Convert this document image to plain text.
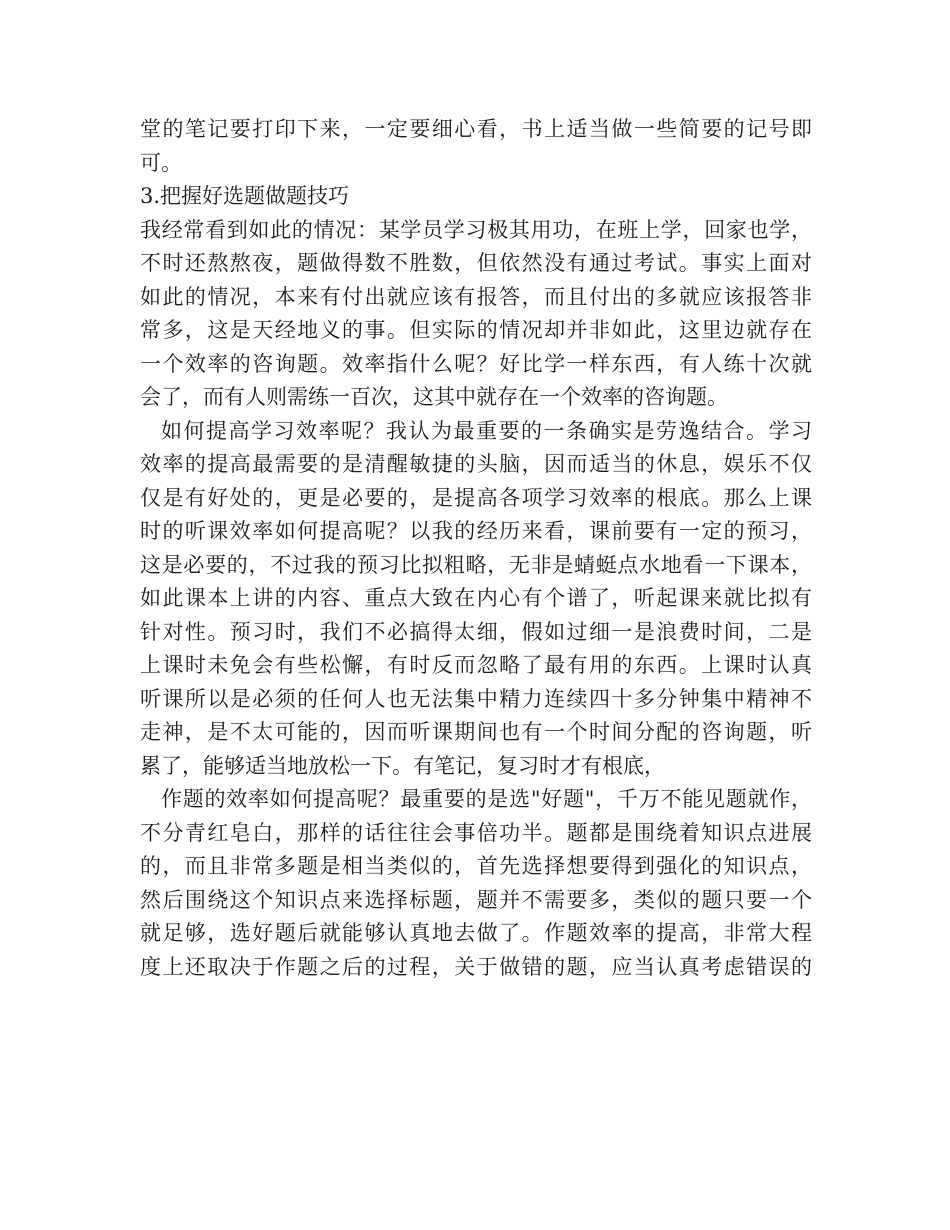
堂的笔记要打印下来，一定要细心看，书上适当做一些简要的记号即
可。
3.把握好选题做题技巧
我经常看到如此的情况：某学员学习极其用功，在班上学，回家也学，
不时还熬熬夜，题做得数不胜数，但依然没有通过考试。事实上面对
如此的情况，本来有付出就应该有报答，而且付出的多就应该报答非
常多，这是天经地义的事。但实际的情况却并非如此，这里边就存在
一个效率的咨询题。效率指什么呢？好比学一样东西，有人练十次就
会了，而有人则需练一百次，这其中就存在一个效率的咨询题。
如何提高学习效率呢？我认为最重要的一条确实是劳逸结合。学习
效率的提高最需要的是清醒敏捷的头脑，因而适当的休息，娱乐不仅
仅是有好处的，更是必要的，是提高各项学习效率的根底。那么上课
时的听课效率如何提高呢？以我的经历来看，课前要有一定的预习，
这是必要的，不过我的预习比拟粗略，无非是蜻蜓点水地看一下课本，
如此课本上讲的内容、重点大致在内心有个谱了，听起课来就比拟有
针对性。预习时，我们不必搞得太细，假如过细一是浪费时间，二是
上课时未免会有些松懈，有时反而忽略了最有用的东西。上课时认真
听课所以是必须的任何人也无法集中精力连续四十多分钟集中精神不
走神，是不太可能的，因而听课期间也有一个时间分配的咨询题，听
累了，能够适当地放松一下。有笔记，复习时才有根底，
作题的效率如何提高呢？最重要的是选"好题"，千万不能见题就作，
不分青红皂白，那样的话往往会事倍功半。题都是围绕着知识点进展
的，而且非常多题是相当类似的，首先选择想要得到强化的知识点，
然后围绕这个知识点来选择标题，题并不需要多，类似的题只要一个
就足够，选好题后就能够认真地去做了。作题效率的提高，非常大程
度上还取决于作题之后的过程，关于做错的题，应当认真考虑错误的
